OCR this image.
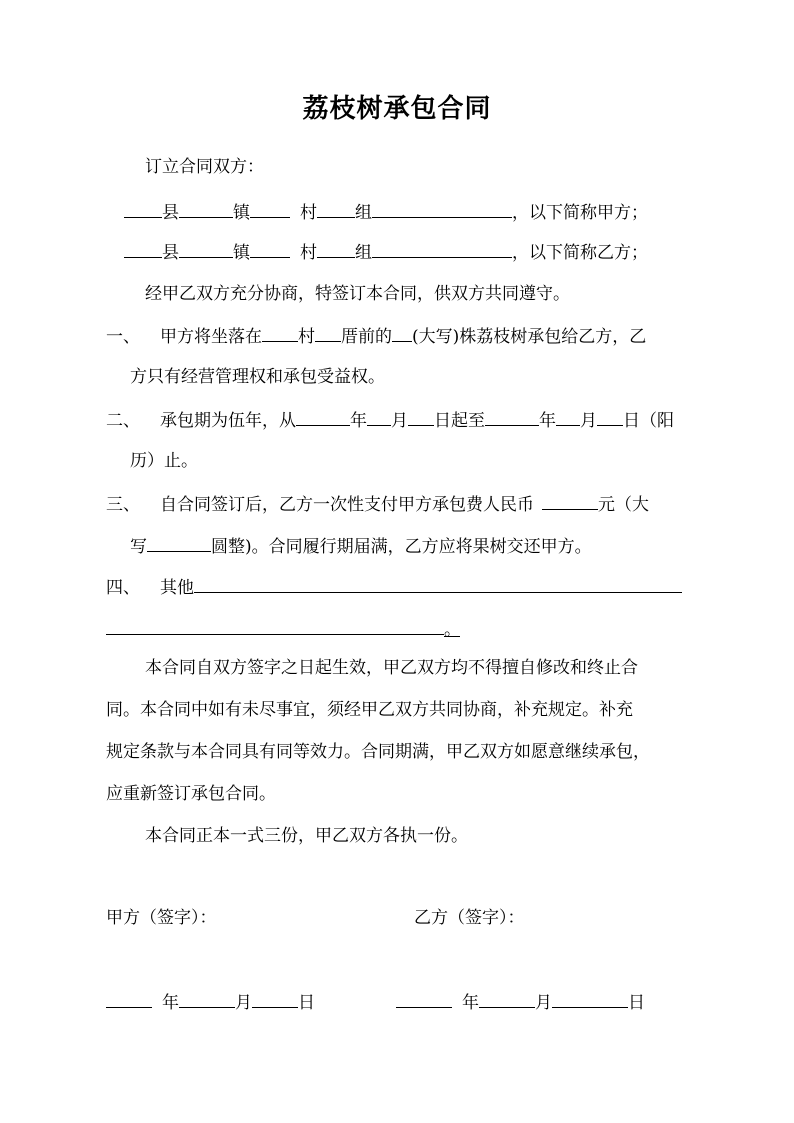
荔枝树承包合同
订立合同双方：
县	镇	村 组	，以下简称甲方；
县	镇	村 组	，以下简称乙方；
经甲乙双方充分协商，特签订本合同，供双方共同遵守。
一、 甲方将坐落在 村 厝前的 (大写)株荔枝树承包给乙方，乙
方只有经营管理权和承包受益权。
二、 承包期为伍年，从	年 月 日起至	年 月 日（阳
历）止。
三、 自合同签订后，乙方一次性支付甲方承包费人民币	元（大
写	圆整)。合同履行期届满，乙方应将果树交还甲方。
四、 其他
。
本合同自双方签字之日起生效，甲乙双方均不得擅自修改和终止合
同。本合同中如有未尽事宜，须经甲乙双方共同协商，补充规定。补充
规定条款与本合同具有同等效力。合同期满，甲乙双方如愿意继续承包，
应重新签订承包合同。
本合同正本一式三份，甲乙双方各执一份。
甲方（签字）：	乙方（签字）：
年	月	日	年	月	日
